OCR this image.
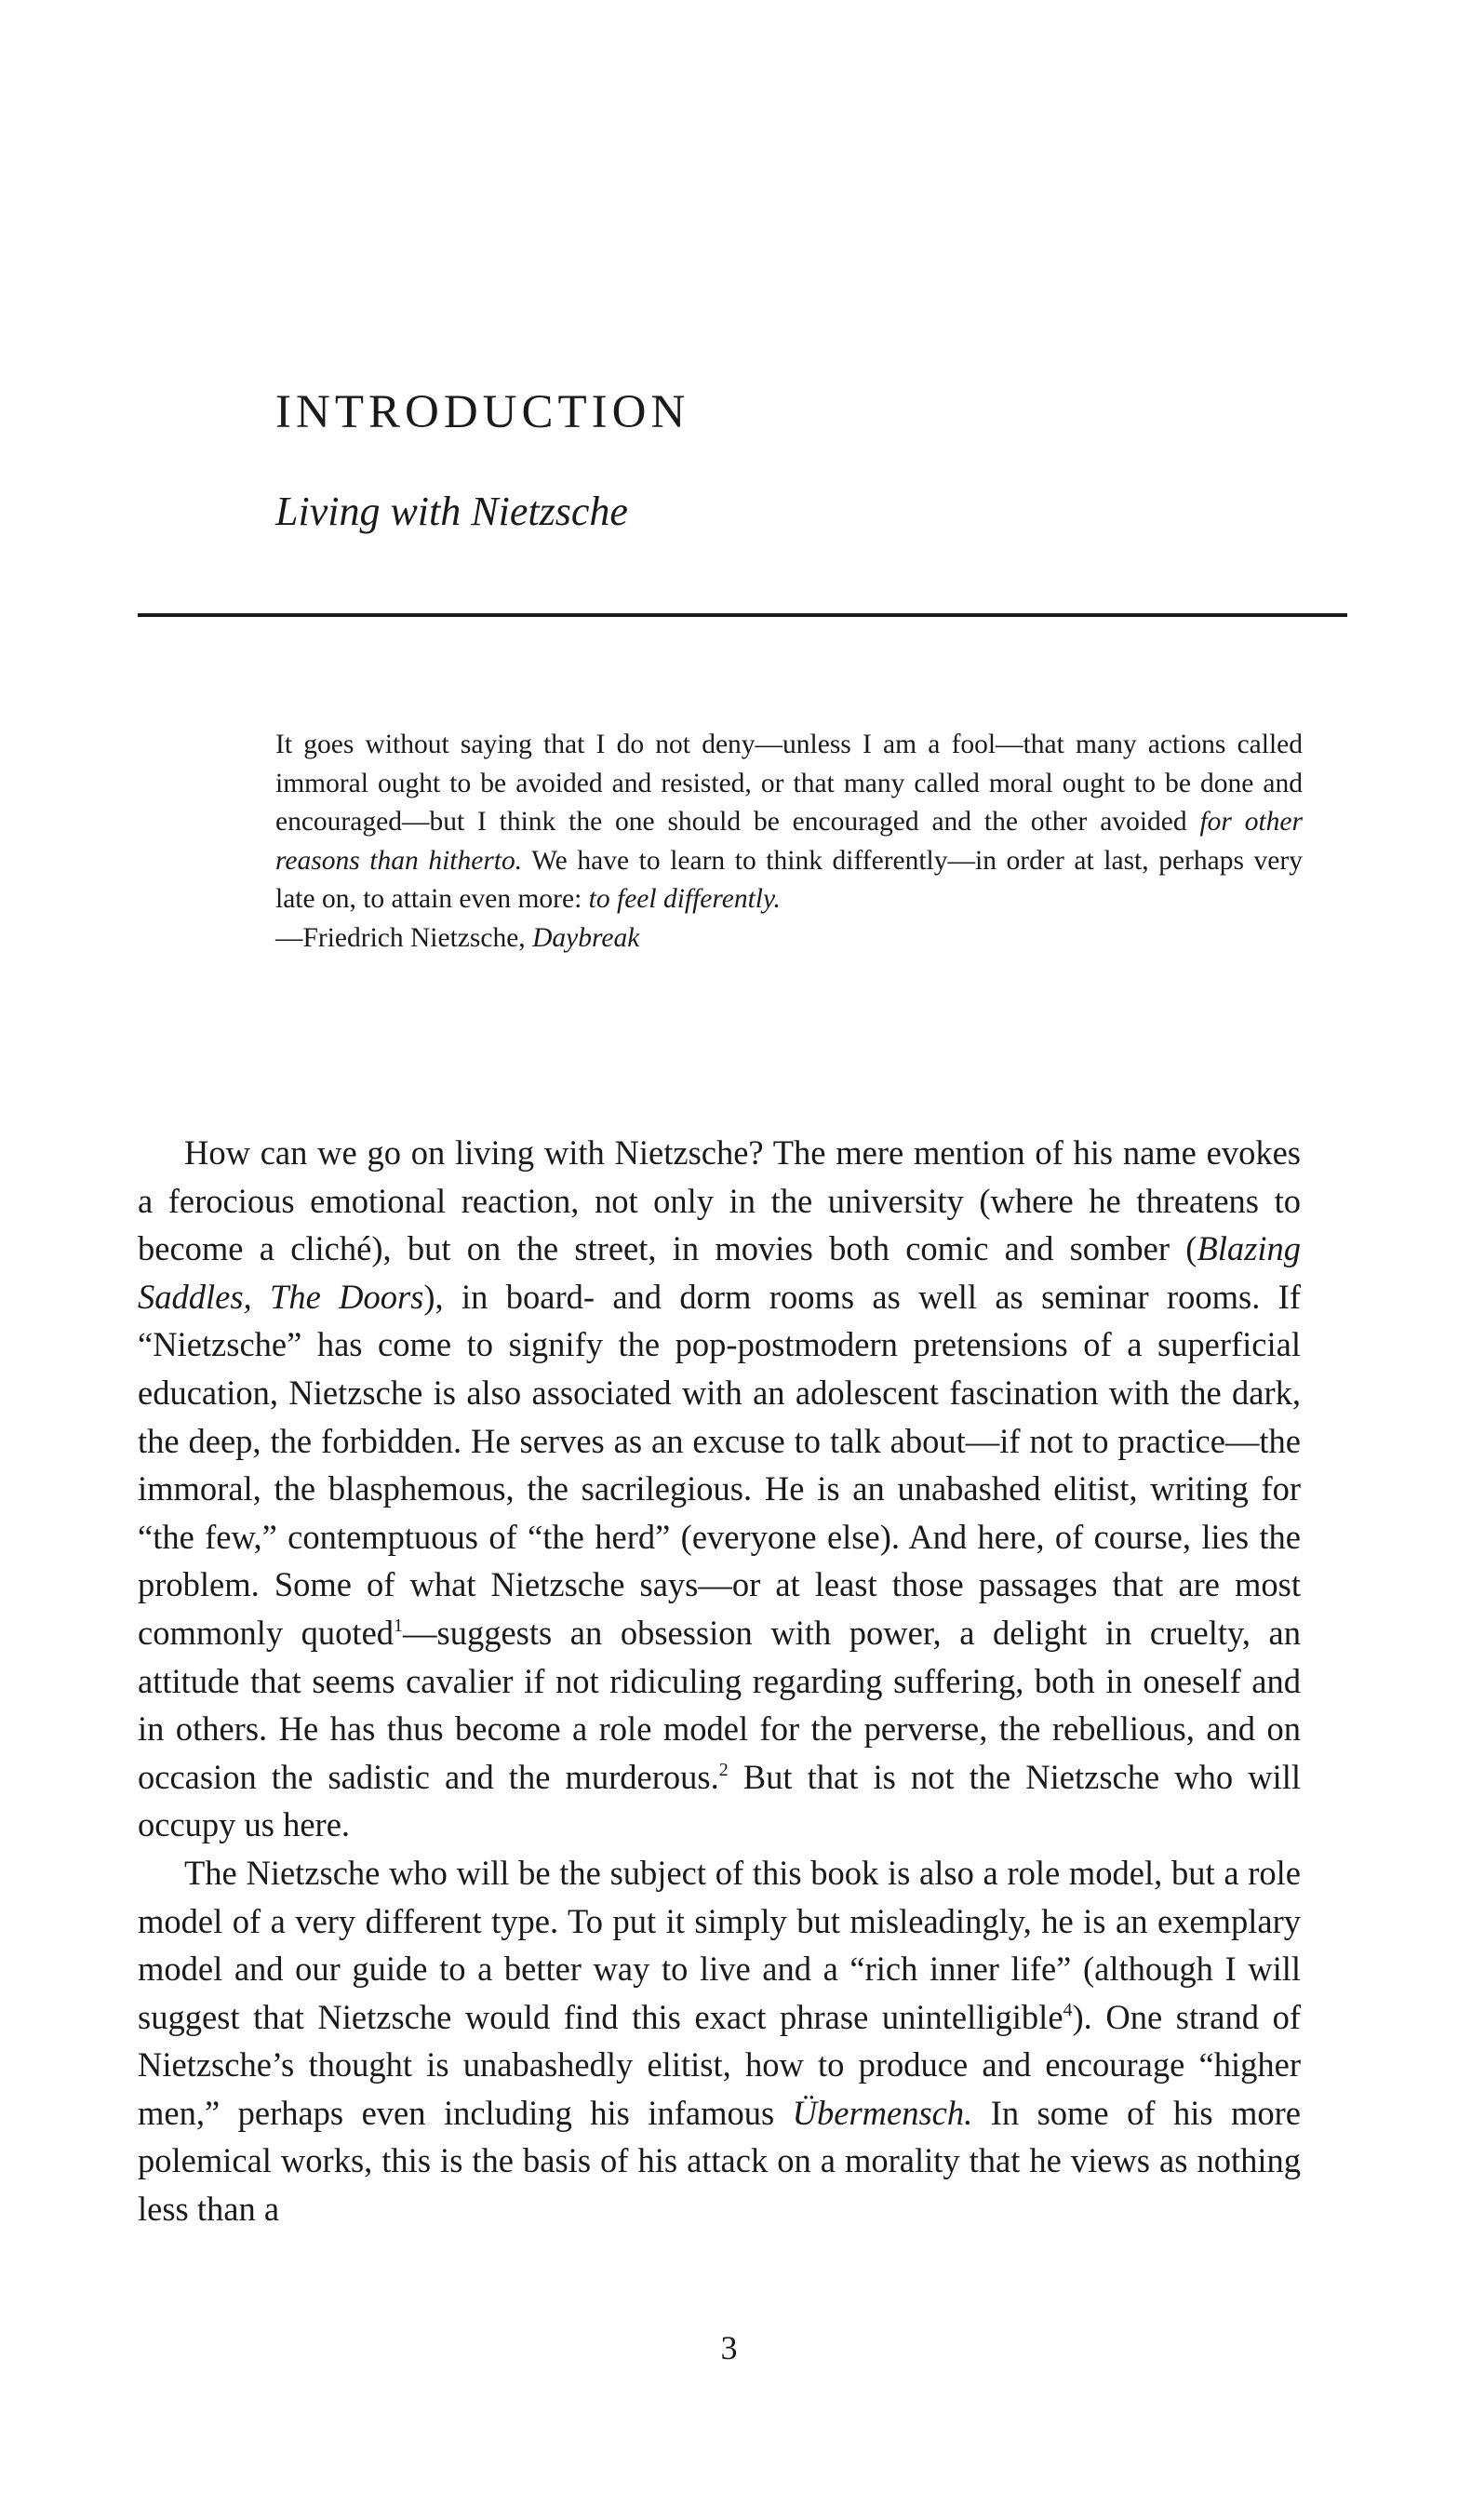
INTRODUCTION
Living with Nietzsche

It goes without saying that I do not deny—unless I am a fool—that many actions called immoral ought to be avoided and resisted, or that many called moral ought to be done and encouraged—but I think the one should be encouraged and the other avoided for other reasons than hitherto. We have to learn to think differently—in order at last, perhaps very late on, to attain even more: to feel differently.

—Friedrich Nietzsche, Daybreak

How can we go on living with Nietzsche? The mere mention of his name evokes a ferocious emotional reaction, not only in the university (where he threatens to become a cliché), but on the street, in movies both comic and somber (Blazing Saddles, The Doors), in board- and dorm rooms as well as seminar rooms. If “Nietzsche” has come to signify the pop-postmodern pretensions of a superficial education, Nietzsche is also associated with an adolescent fascination with the dark, the deep, the forbidden. He serves as an excuse to talk about—if not to practice—the immoral, the blasphemous, the sacrilegious. He is an unabashed elitist, writing for “the few,” contemptuous of “the herd” (everyone else). And here, of course, lies the problem. Some of what Nietzsche says—or at least those passages that are most commonly quoted$^1$—suggests an obsession with power, a delight in cruelty, an attitude that seems cavalier if not ridiculing regarding suffering, both in oneself and in others. He has thus become a role model for the perverse, the rebellious, and on occasion the sadistic and the murderous.$^2$ But that is not the Nietzsche who will occupy us here.

The Nietzsche who will be the subject of this book is also a role model, but a role model of a very different type. To put it simply but misleadingly, he is an exemplary model and our guide to a better way to live and a “rich inner life” (although I will suggest that Nietzsche would find this exact phrase unintelligible$^4$). One strand of Nietzsche’s thought is unabashedly elitist, how to produce and encourage “higher men,” perhaps even including his infamous Übermensch. In some of his more polemical works, this is the basis of his attack on a morality that he views as nothing less than a

3
